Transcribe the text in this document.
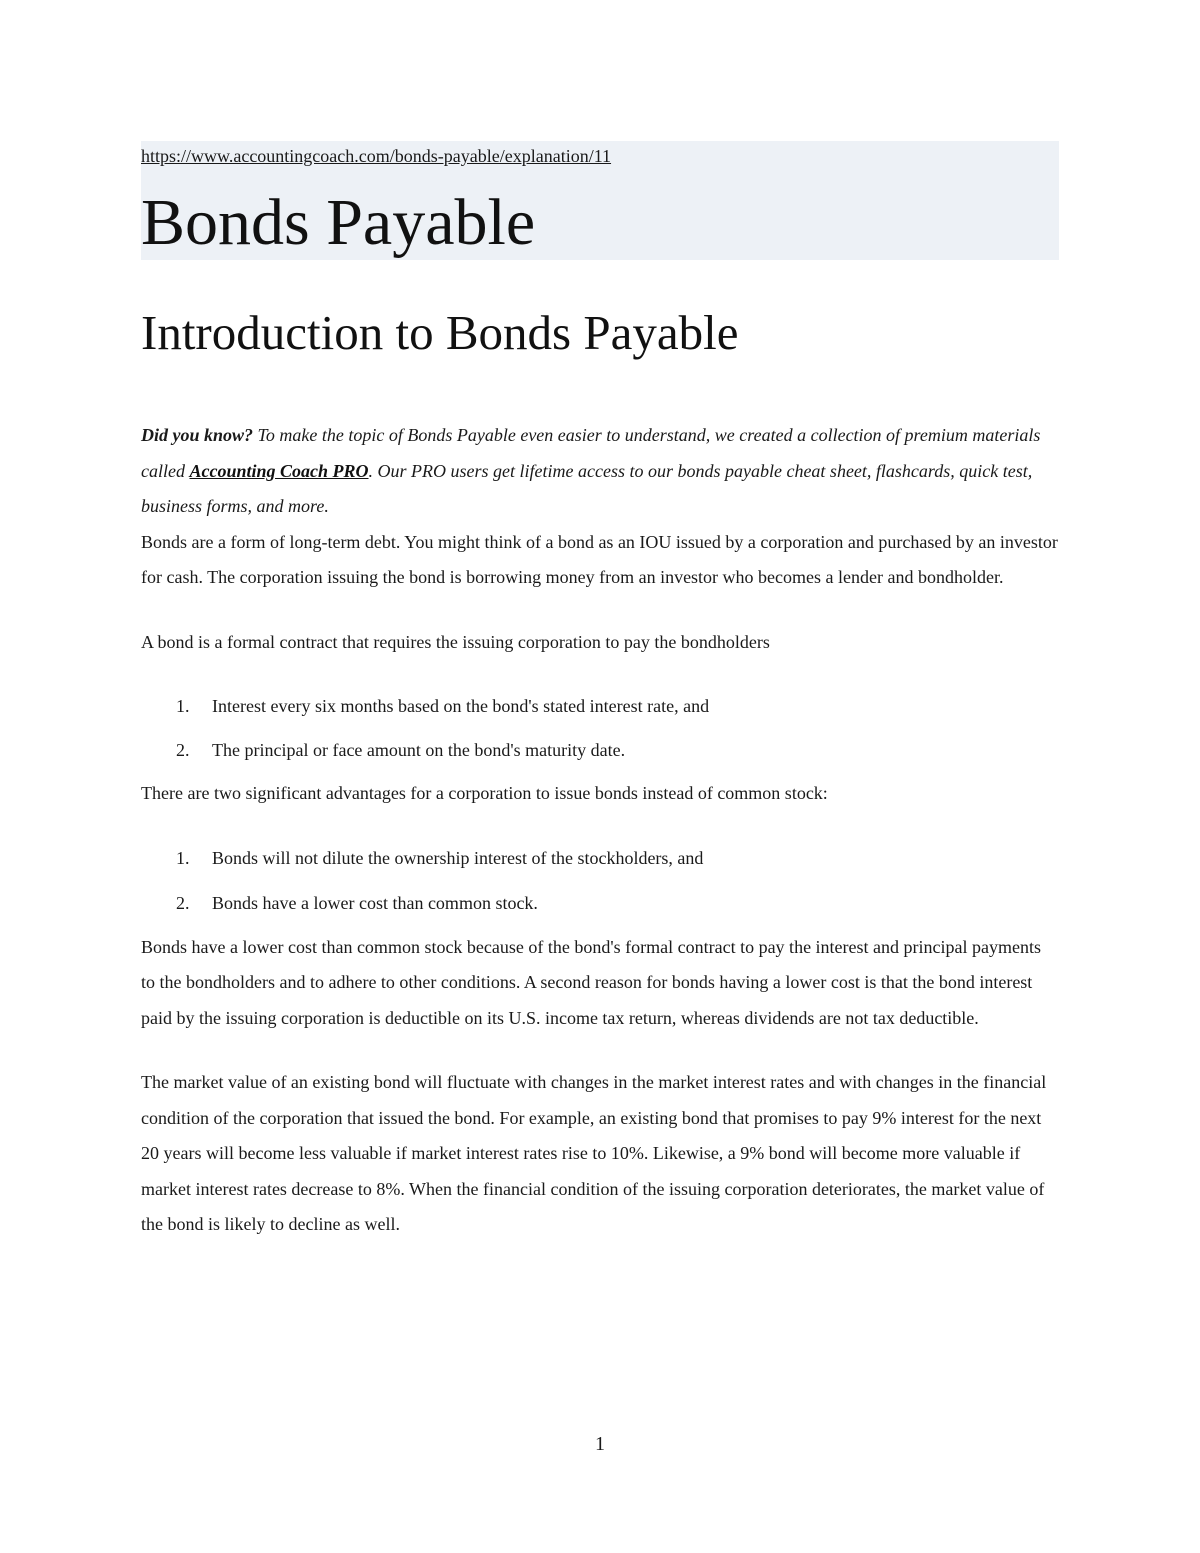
https://www.accountingcoach.com/bonds-payable/explanation/11
Bonds Payable
Introduction to Bonds Payable

Did you know? To make the topic of Bonds Payable even easier to understand, we created a collection of premium materials called Accounting Coach PRO. Our PRO users get lifetime access to our bonds payable cheat sheet, flashcards, quick test, business forms, and more.

Bonds are a form of long-term debt. You might think of a bond as an IOU issued by a corporation and purchased by an investor for cash. The corporation issuing the bond is borrowing money from an investor who becomes a lender and bondholder.

A bond is a formal contract that requires the issuing corporation to pay the bondholders

1. Interest every six months based on the bond's stated interest rate, and
2. The principal or face amount on the bond's maturity date.

There are two significant advantages for a corporation to issue bonds instead of common stock:

1. Bonds will not dilute the ownership interest of the stockholders, and
2. Bonds have a lower cost than common stock.

Bonds have a lower cost than common stock because of the bond's formal contract to pay the interest and principal payments to the bondholders and to adhere to other conditions. A second reason for bonds having a lower cost is that the bond interest paid by the issuing corporation is deductible on its U.S. income tax return, whereas dividends are not tax deductible.

The market value of an existing bond will fluctuate with changes in the market interest rates and with changes in the financial condition of the corporation that issued the bond. For example, an existing bond that promises to pay 9% interest for the next 20 years will become less valuable if market interest rates rise to 10%. Likewise, a 9% bond will become more valuable if market interest rates decrease to 8%. When the financial condition of the issuing corporation deteriorates, the market value of the bond is likely to decline as well.

1
